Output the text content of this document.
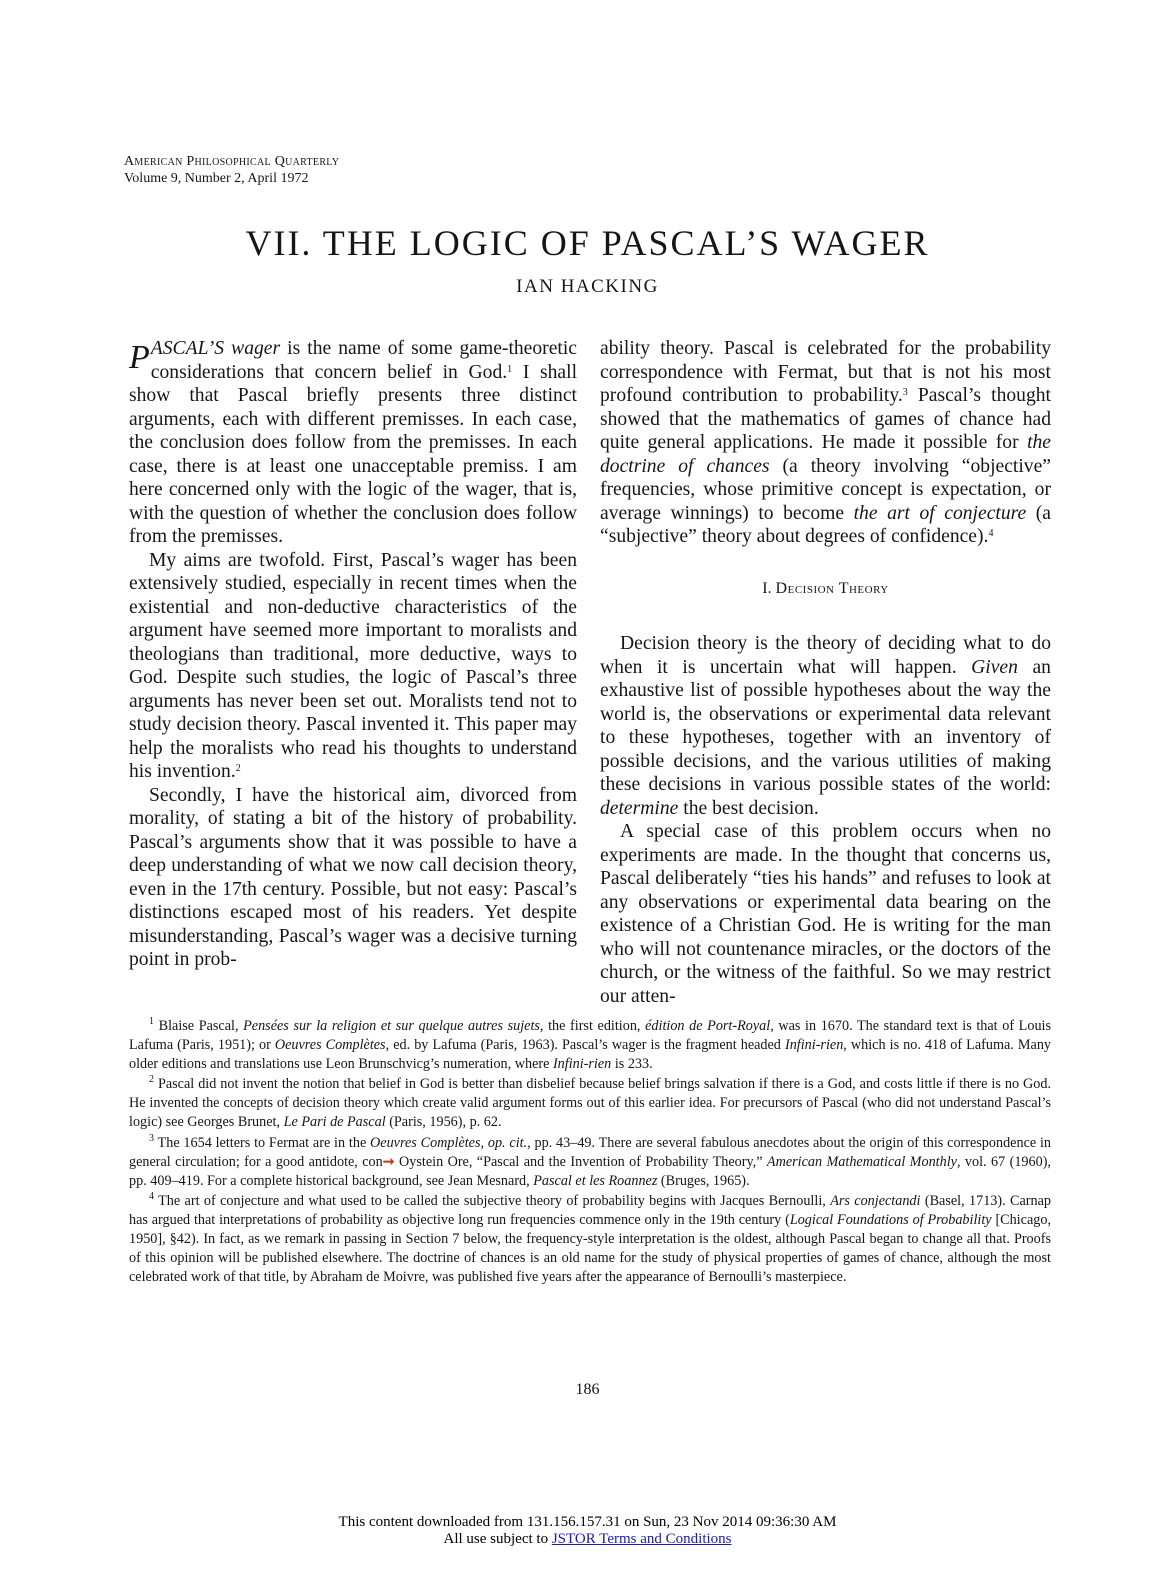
American Philosophical Quarterly
Volume 9, Number 2, April 1972
VII. THE LOGIC OF PASCAL’S WAGER
IAN HACKING

PASCAL’S wager is the name of some game-theoretic considerations that concern belief in God.$^1$ I shall show that Pascal briefly presents three distinct arguments, each with different premisses. In each case, the conclusion does follow from the premisses. In each case, there is at least one unacceptable premiss. I am here concerned only with the logic of the wager, that is, with the question of whether the conclusion does follow from the premisses.

My aims are twofold. First, Pascal’s wager has been extensively studied, especially in recent times when the existential and non-deductive characteristics of the argument have seemed more important to moralists and theologians than traditional, more deductive, ways to God. Despite such studies, the logic of Pascal’s three arguments has never been set out. Moralists tend not to study decision theory. Pascal invented it. This paper may help the moralists who read his thoughts to understand his invention.$^2$

Secondly, I have the historical aim, divorced from morality, of stating a bit of the history of probability. Pascal’s arguments show that it was possible to have a deep understanding of what we now call decision theory, even in the 17th century. Possible, but not easy: Pascal’s distinctions escaped most of his readers. Yet despite misunderstanding, Pascal’s wager was a decisive turning point in prob-

ability theory. Pascal is celebrated for the probability correspondence with Fermat, but that is not his most profound contribution to probability.$^3$ Pascal’s thought showed that the mathematics of games of chance had quite general applications. He made it possible for the doctrine of chances (a theory involving “objective” frequencies, whose primitive concept is expectation, or average winnings) to become the art of conjecture (a “subjective” theory about degrees of confidence).$^4$

I. Decision Theory

Decision theory is the theory of deciding what to do when it is uncertain what will happen. Given an exhaustive list of possible hypotheses about the way the world is, the observations or experimental data relevant to these hypotheses, together with an inventory of possible decisions, and the various utilities of making these decisions in various possible states of the world: determine the best decision.

A special case of this problem occurs when no experiments are made. In the thought that concerns us, Pascal deliberately “ties his hands” and refuses to look at any observations or experimental data bearing on the existence of a Christian God. He is writing for the man who will not countenance miracles, or the doctors of the church, or the witness of the faithful. So we may restrict our atten-

$^1$ Blaise Pascal, Pensées sur la religion et sur quelque autres sujets, the first edition, édition de Port-Royal, was in 1670. The standard text is that of Louis Lafuma (Paris, 1951); or Oeuvres Complètes, ed. by Lafuma (Paris, 1963). Pascal’s wager is the fragment headed Infini-rien, which is no. 418 of Lafuma. Many older editions and translations use Leon Brunschvicg’s numeration, where Infini-rien is 233.

$^2$ Pascal did not invent the notion that belief in God is better than disbelief because belief brings salvation if there is a God, and costs little if there is no God. He invented the concepts of decision theory which create valid argument forms out of this earlier idea. For precursors of Pascal (who did not understand Pascal’s logic) see Georges Brunet, Le Pari de Pascal (Paris, 1956), p. 62.

$^3$ The 1654 letters to Fermat are in the Oeuvres Complètes, op. cit., pp. 43–49. There are several fabulous anecdotes about the origin of this correspondence in general circulation; for a good antidote, con➞ Oystein Ore, “Pascal and the Invention of Probability Theory,” American Mathematical Monthly, vol. 67 (1960), pp. 409–419. For a complete historical background, see Jean Mesnard, Pascal et les Roannez (Bruges, 1965).

$^4$ The art of conjecture and what used to be called the subjective theory of probability begins with Jacques Bernoulli, Ars conjectandi (Basel, 1713). Carnap has argued that interpretations of probability as objective long run frequencies commence only in the 19th century (Logical Foundations of Probability [Chicago, 1950], §42). In fact, as we remark in passing in Section 7 below, the frequency-style interpretation is the oldest, although Pascal began to change all that. Proofs of this opinion will be published elsewhere. The doctrine of chances is an old name for the study of physical properties of games of chance, although the most celebrated work of that title, by Abraham de Moivre, was published five years after the appearance of Bernoulli’s masterpiece.

186
This content downloaded from 131.156.157.31 on Sun, 23 Nov 2014 09:36:30 AM
All use subject to JSTOR Terms and Conditions
